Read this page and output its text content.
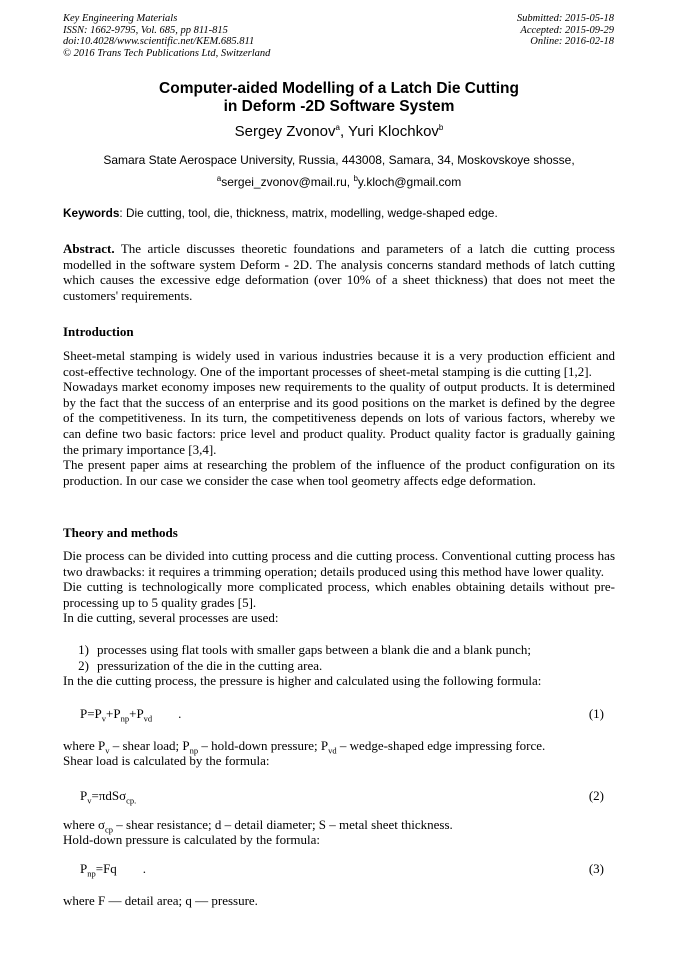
Key Engineering Materials
ISSN: 1662-9795, Vol. 685, pp 811-815
doi:10.4028/www.scientific.net/KEM.685.811
© 2016 Trans Tech Publications Ltd, Switzerland
Submitted: 2015-05-18
Accepted: 2015-09-29
Online: 2016-02-18
Computer-aided Modelling of a Latch Die Cutting
in Deform -2D Software System
Sergey Zvonov$^a$, Yuri Klochkov$^b$
Samara State Aerospace University, Russia, 443008, Samara, 34, Moskovskoye shosse,
$^a$sergei_zvonov@mail.ru, $^b$y.kloch@gmail.com
Keywords: Die cutting, tool, die, thickness, matrix, modelling, wedge-shaped edge.
Abstract. The article discusses theoretic foundations and parameters of a latch die cutting process modelled in the software system Deform - 2D. The analysis concerns standard methods of latch cutting which causes the excessive edge deformation (over 10% of a sheet thickness) that does not meet the customers' requirements.
Introduction

Sheet-metal stamping is widely used in various industries because it is a very production efficient and cost-effective technology. One of the important processes of sheet-metal stamping is die cutting [1,2].

Nowadays market economy imposes new requirements to the quality of output products. It is determined by the fact that the success of an enterprise and its good positions on the market is defined by the degree of the competitiveness. In its turn, the competitiveness depends on lots of various factors, whereby we can define two basic factors: price level and product quality. Product quality factor is gradually gaining the primary importance [3,4].

The present paper aims at researching the problem of the influence of the product configuration on its production. In our case we consider the case when tool geometry affects edge deformation.

Theory and methods

Die process can be divided into cutting process and die cutting process. Conventional cutting process has two drawbacks: it requires a trimming operation; details produced using this method have lower quality.

Die cutting is technologically more complicated process, which enables obtaining details without pre-processing up to 5 quality grades [5].

In die cutting, several processes are used:

1) processes using flat tools with smaller gaps between a blank die and a blank punch;
2) pressurization of the die in the cutting area.
In the die cutting process, the pressure is higher and calculated using the following formula:
$P=P_v+P_{np}+P_{vd}$        .	(1)
where $P_v$ – shear load; $P_{np}$ – hold-down pressure; $P_{vd}$ – wedge-shaped edge impressing force.
Shear load is calculated by the formula:
$P_v=\pi dS\sigma_{cp.}$	(2)
where $\sigma_{cp}$ – shear resistance; d – detail diameter; S – metal sheet thickness.
Hold-down pressure is calculated by the formula:
$P_{np}=Fq$        .	(3)
where F — detail area; q — pressure.
